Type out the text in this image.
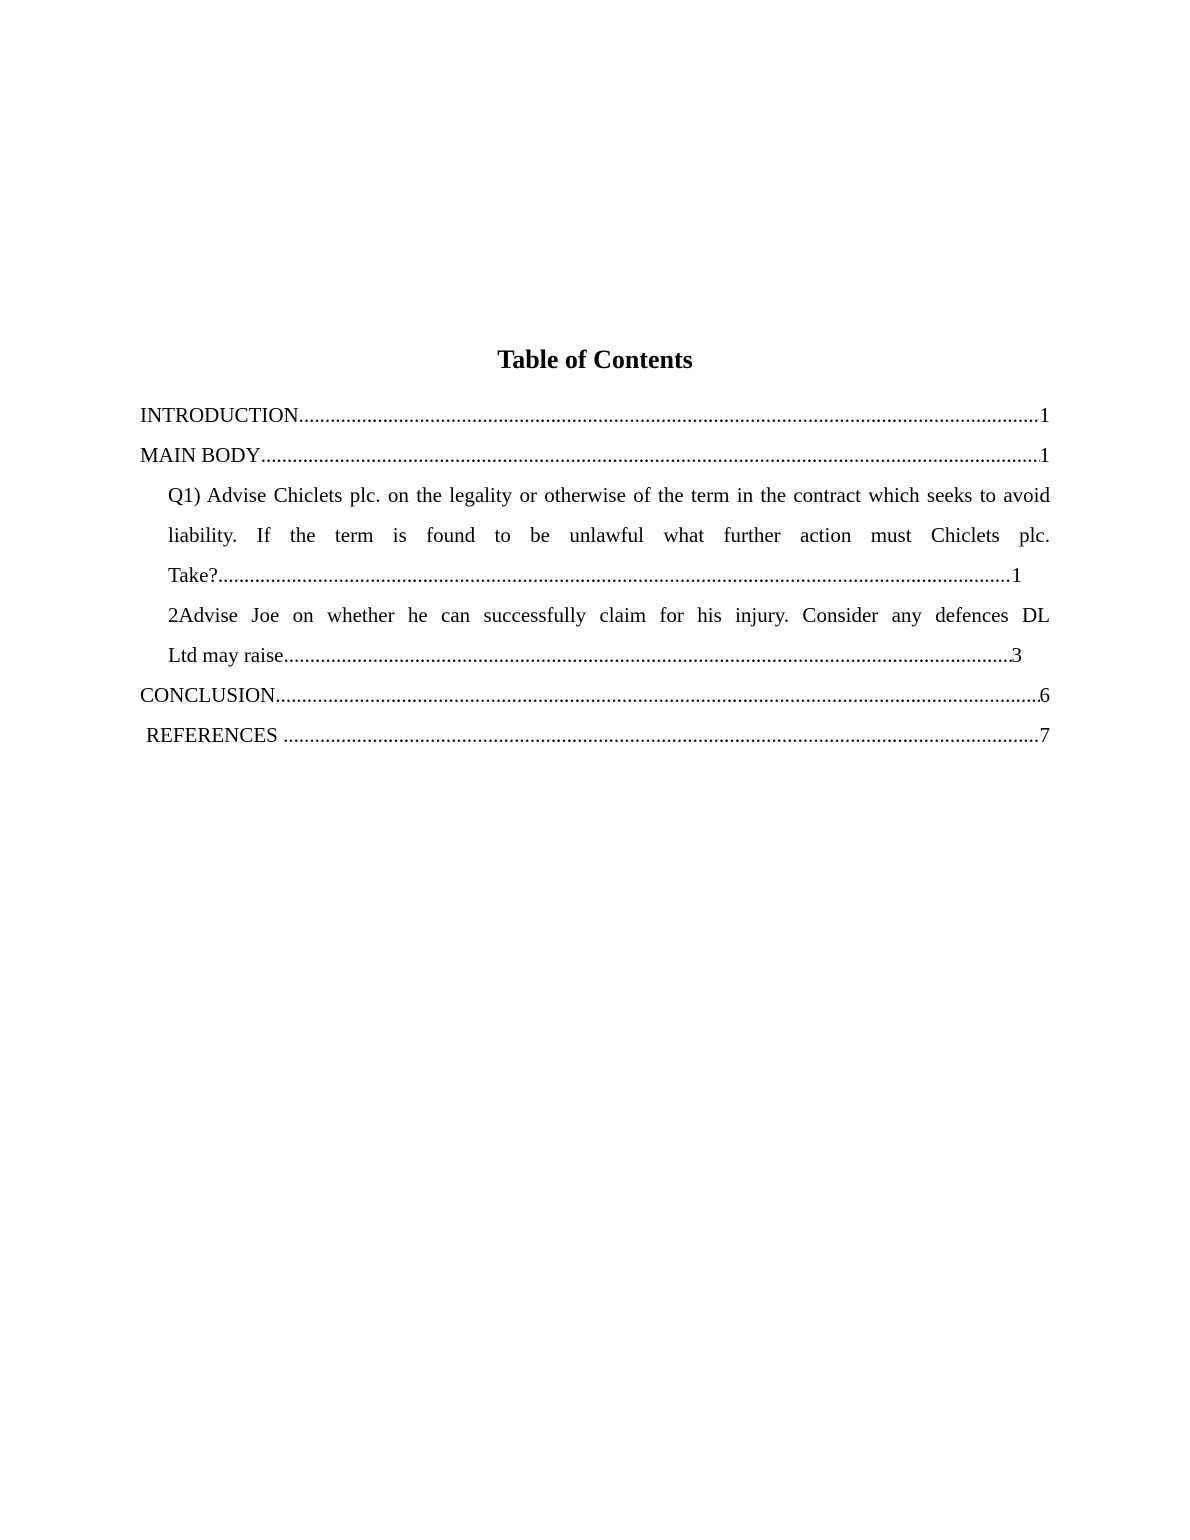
Table of Contents
INTRODUCTION .....	1
MAIN BODY .....	1
Q1) Advise Chiclets plc. on the legality or otherwise of the term in the contract which seeks to avoid liability. If the term is found to be unlawful what further action must Chiclets plc.
Take? .....	1
2Advise Joe on whether he can successfully claim for his injury. Consider any defences DL
Ltd may raise .....	3
CONCLUSION .....	6
REFERENCES .....	7
